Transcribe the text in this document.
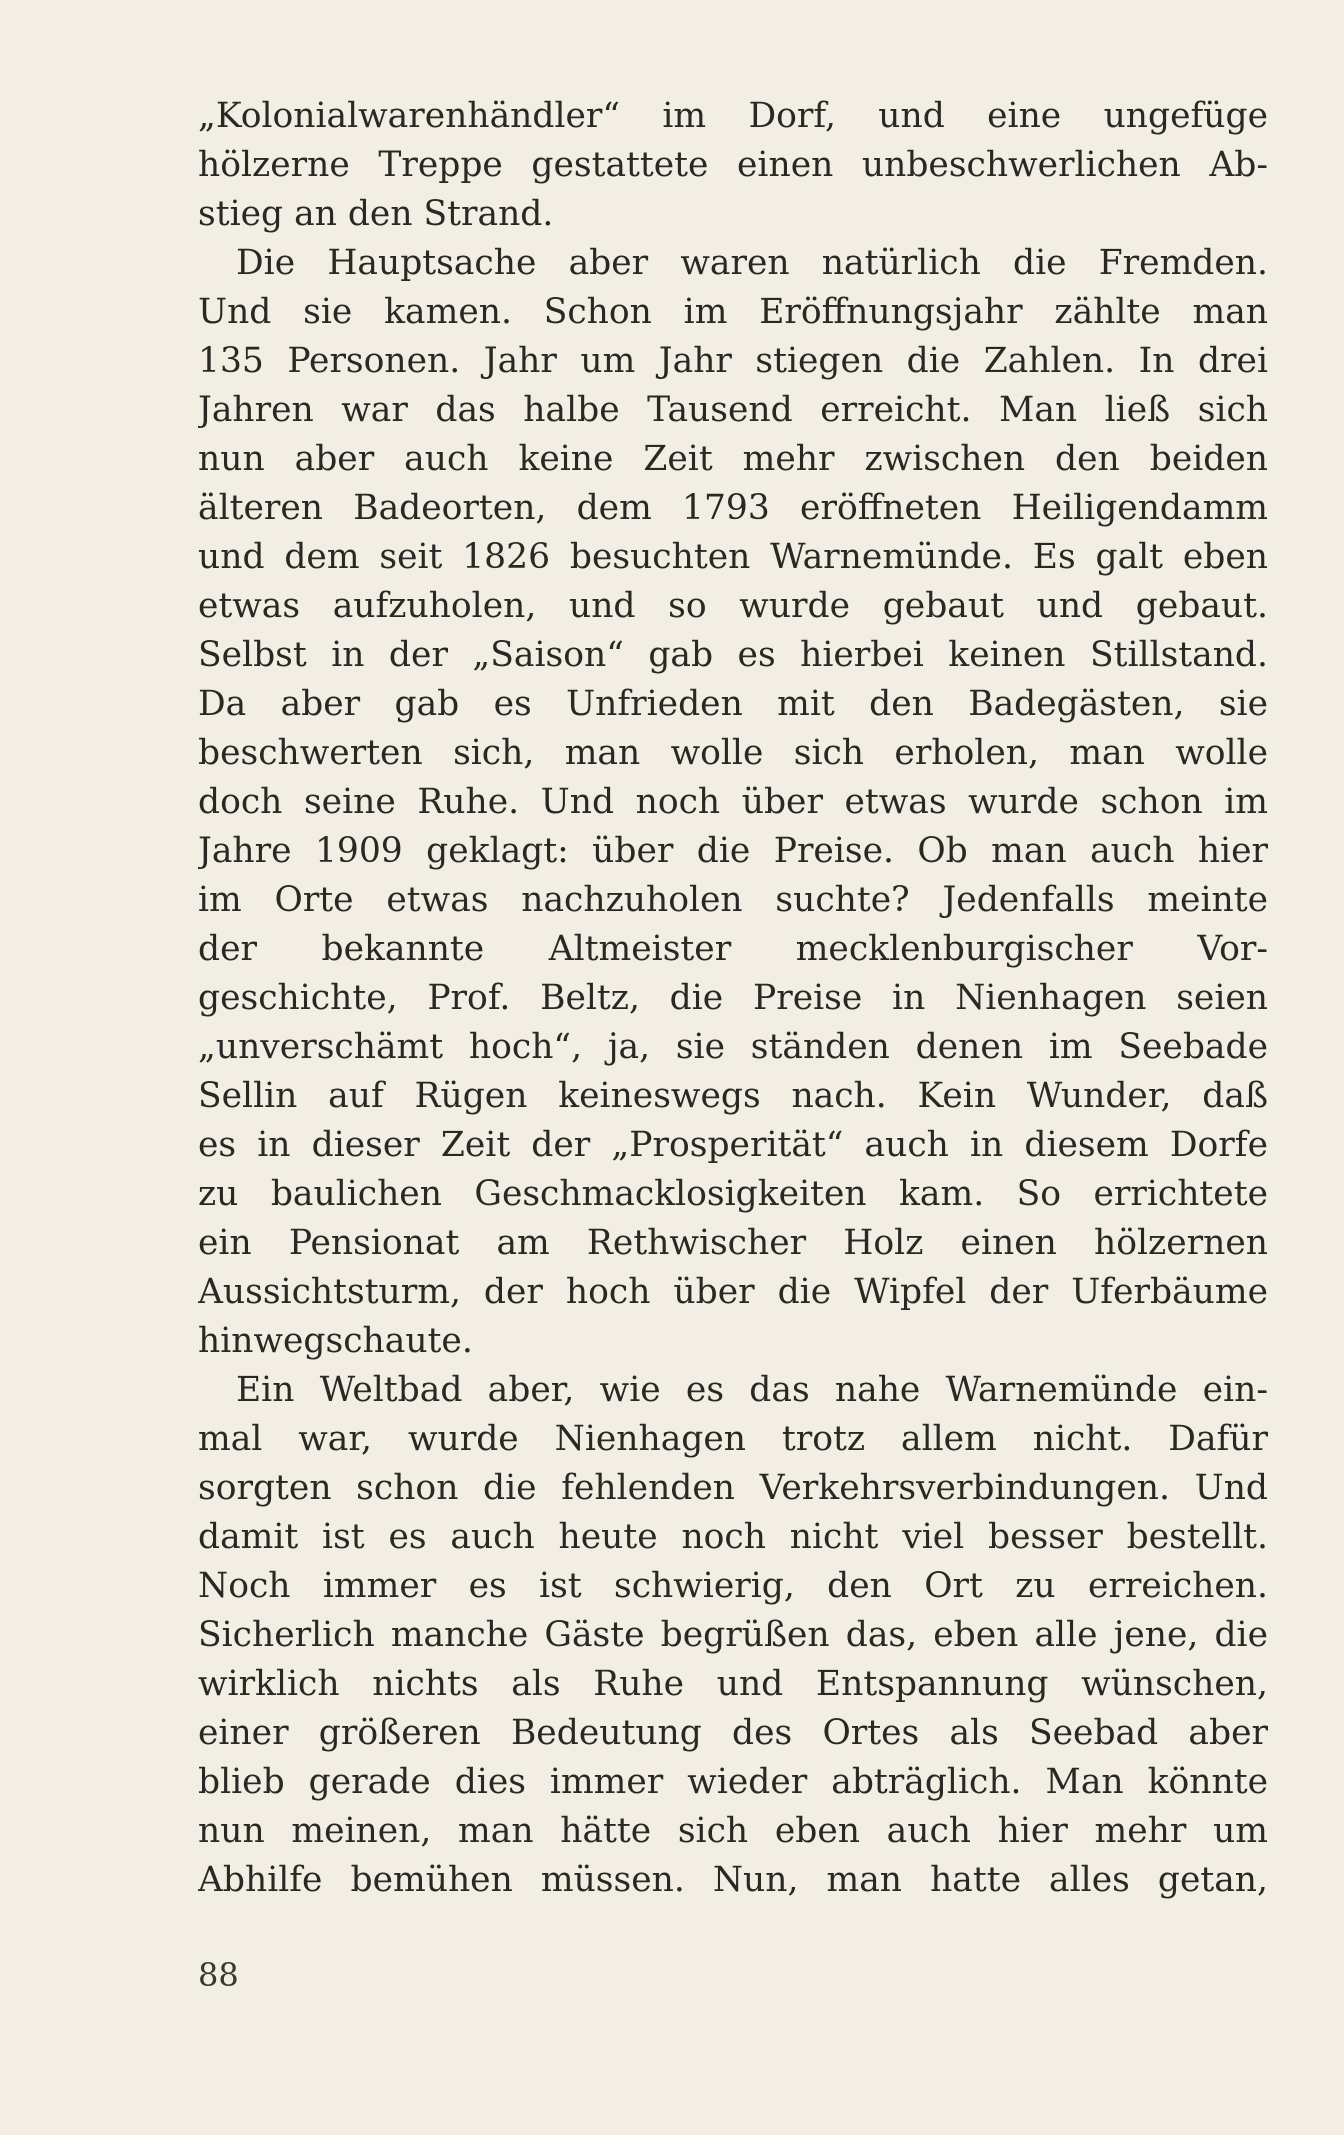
„Kolonialwarenhändler“ im Dorf, und eine ungefüge
hölzerne Treppe gestattete einen unbeschwerlichen Ab-
stieg an den Strand.
Die Hauptsache aber waren natürlich die Fremden.
Und sie kamen. Schon im Eröffnungsjahr zählte man
135 Personen. Jahr um Jahr stiegen die Zahlen. In drei
Jahren war das halbe Tausend erreicht. Man ließ sich
nun aber auch keine Zeit mehr zwischen den beiden
älteren Badeorten, dem 1793 eröffneten Heiligendamm
und dem seit 1826 besuchten Warnemünde. Es galt eben
etwas aufzuholen, und so wurde gebaut und gebaut.
Selbst in der „Saison“ gab es hierbei keinen Stillstand.
Da aber gab es Unfrieden mit den Badegästen, sie
beschwerten sich, man wolle sich erholen, man wolle
doch seine Ruhe. Und noch über etwas wurde schon im
Jahre 1909 geklagt: über die Preise. Ob man auch hier
im Orte etwas nachzuholen suchte? Jedenfalls meinte
der bekannte Altmeister mecklenburgischer Vor-
geschichte, Prof. Beltz, die Preise in Nienhagen seien
„unverschämt hoch“, ja, sie ständen denen im Seebade
Sellin auf Rügen keineswegs nach. Kein Wunder, daß
es in dieser Zeit der „Prosperität“ auch in diesem Dorfe
zu baulichen Geschmacklosigkeiten kam. So errichtete
ein Pensionat am Rethwischer Holz einen hölzernen
Aussichtsturm, der hoch über die Wipfel der Uferbäume
hinwegschaute.
Ein Weltbad aber, wie es das nahe Warnemünde ein-
mal war, wurde Nienhagen trotz allem nicht. Dafür
sorgten schon die fehlenden Verkehrsverbindungen. Und
damit ist es auch heute noch nicht viel besser bestellt.
Noch immer es ist schwierig, den Ort zu erreichen.
Sicherlich manche Gäste begrüßen das, eben alle jene, die
wirklich nichts als Ruhe und Entspannung wünschen,
einer größeren Bedeutung des Ortes als Seebad aber
blieb gerade dies immer wieder abträglich. Man könnte
nun meinen, man hätte sich eben auch hier mehr um
Abhilfe bemühen müssen. Nun, man hatte alles getan,
88
